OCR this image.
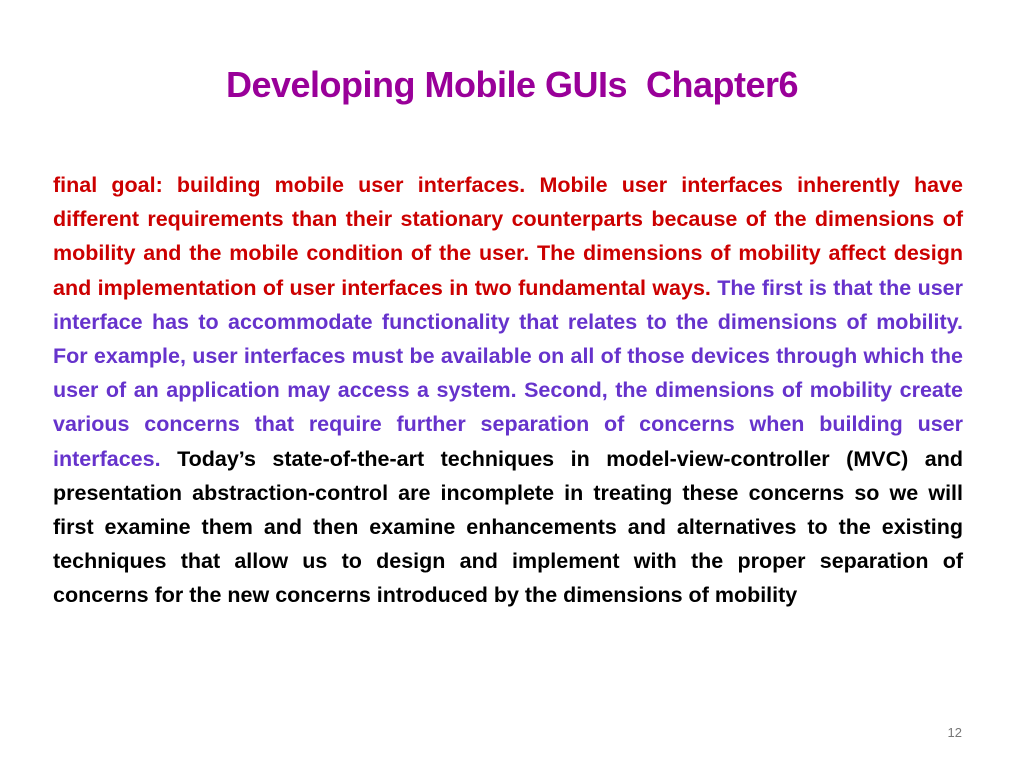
Developing Mobile GUIs  Chapter6
final goal: building mobile user interfaces. Mobile user interfaces inherently have different requirements than their stationary counterparts because of the dimensions of mobility and the mobile condition of the user. The dimensions of mobility affect design and implementation of user interfaces in two fundamental ways. The first is that the user interface has to accommodate functionality that relates to the dimensions of mobility. For example, user interfaces must be available on all of those devices through which the user of an application may access a system. Second, the dimensions of mobility create various concerns that require further separation of concerns when building user interfaces. Today’s state-of-the-art techniques in model-view-controller (MVC) and presentation abstraction-control are incomplete in treating these concerns so we will first examine them and then examine enhancements and alternatives to the existing techniques that allow us to design and implement with the proper separation of concerns for the new concerns introduced by the dimensions of mobility
12
